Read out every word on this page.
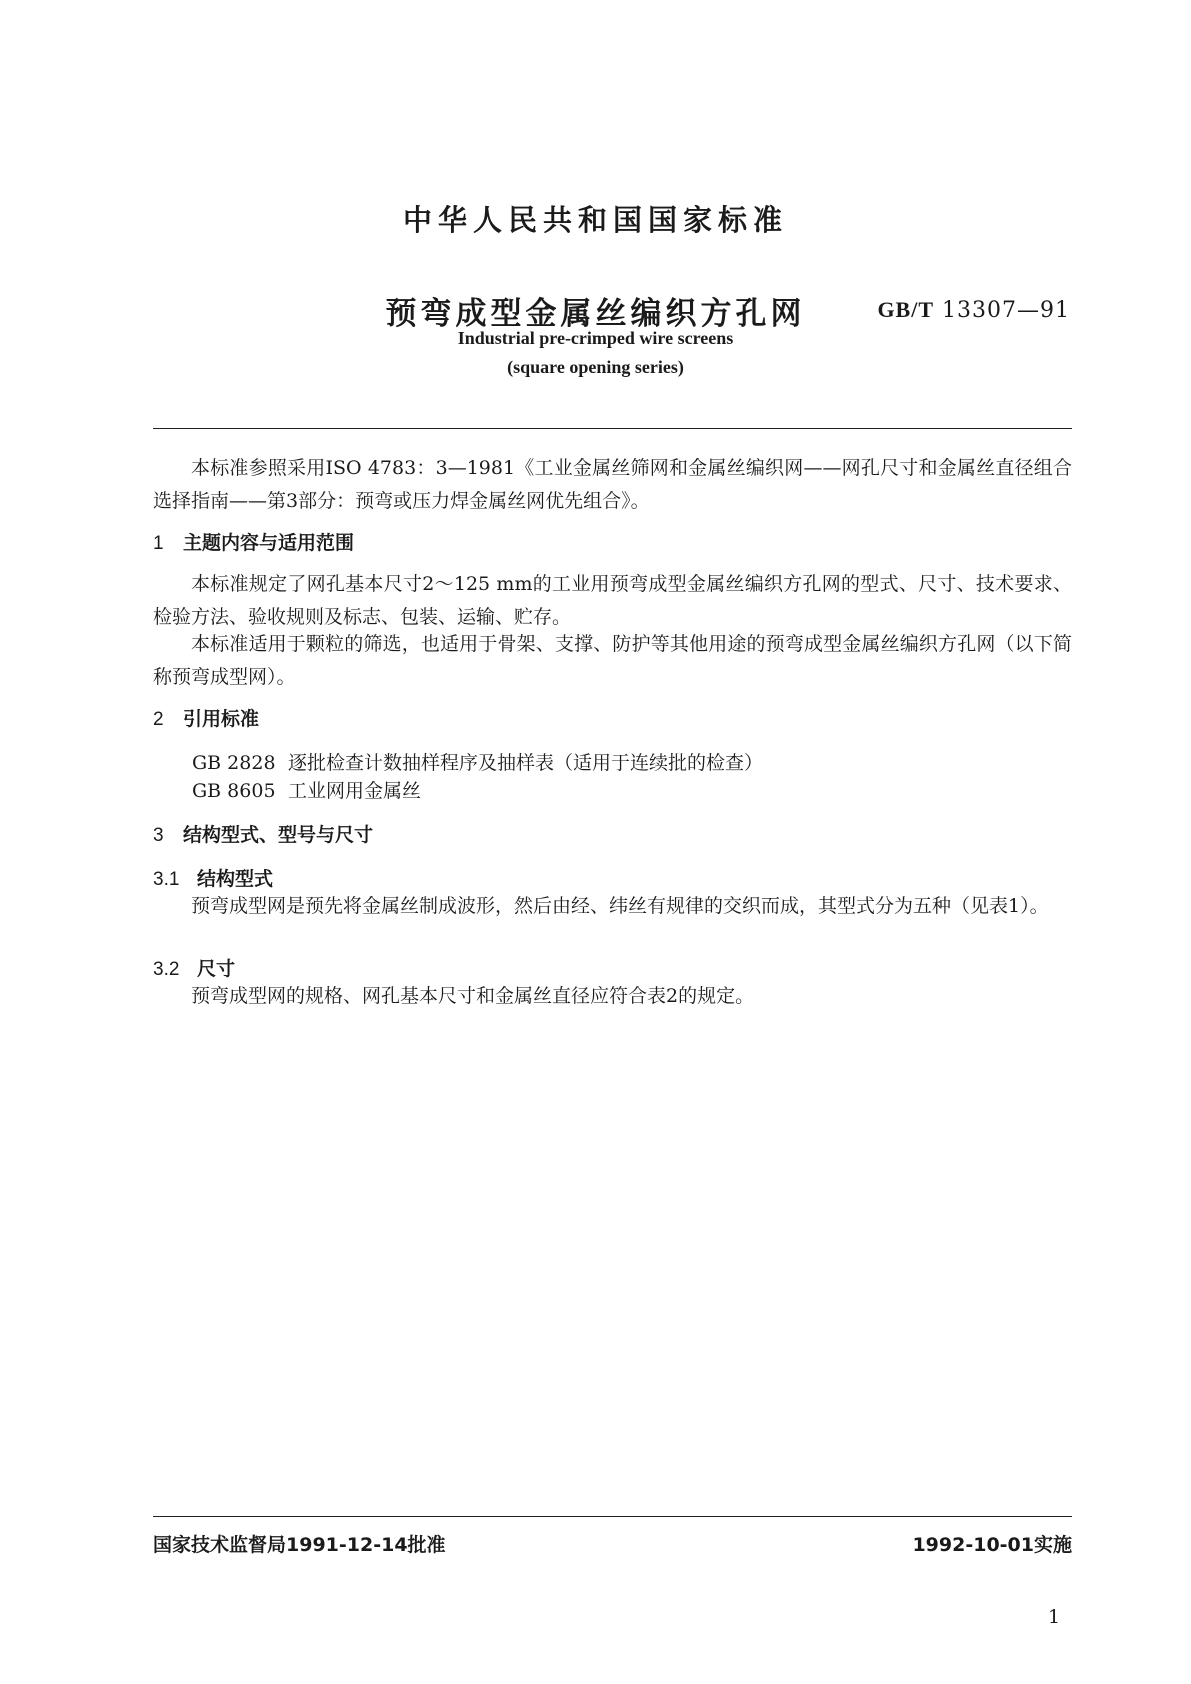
中华人民共和国国家标准
预弯成型金属丝编织方孔网	GB/T 13307—91
Industrial pre-crimped wire screens
(square opening series)

本标准参照采用ISO 4783：3—1981《工业金属丝筛网和金属丝编织网——网孔尺寸和金属丝直径组合选择指南——第3部分：预弯或压力焊金属丝网优先组合》。

1 主题内容与适用范围

本标准规定了网孔基本尺寸2～125 mm的工业用预弯成型金属丝编织方孔网的型式、尺寸、技术要求、检验方法、验收规则及标志、包装、运输、贮存。

本标准适用于颗粒的筛选，也适用于骨架、支撑、防护等其他用途的预弯成型金属丝编织方孔网（以下简称预弯成型网）。

2 引用标准
GB 2828 逐批检查计数抽样程序及抽样表（适用于连续批的检查）
GB 8605 工业网用金属丝
3 结构型式、型号与尺寸
3.1 结构型式

预弯成型网是预先将金属丝制成波形，然后由经、纬丝有规律的交织而成，其型式分为五种（见表1）。

3.2 尺寸

预弯成型网的规格、网孔基本尺寸和金属丝直径应符合表2的规定。

国家技术监督局1991-12-14批准	1992-10-01实施
1
